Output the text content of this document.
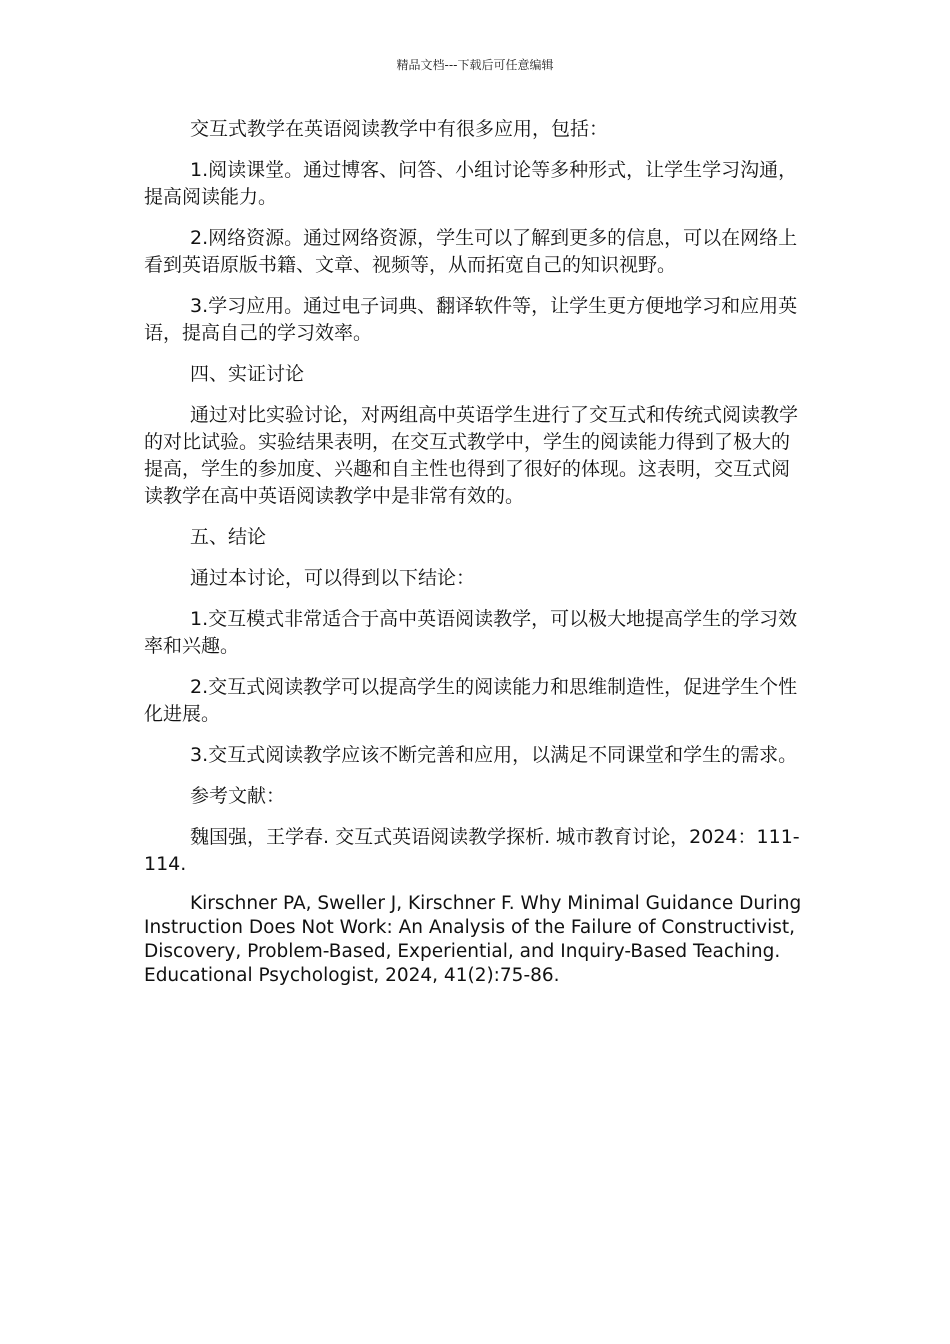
精品文档---下载后可任意编辑

交互式教学在英语阅读教学中有很多应用，包括：

1.阅读课堂。通过博客、问答、小组讨论等多种形式，让学生学习沟通，提高阅读能力。

2.网络资源。通过网络资源，学生可以了解到更多的信息，可以在网络上看到英语原版书籍、文章、视频等，从而拓宽自己的知识视野。

3.学习应用。通过电子词典、翻译软件等，让学生更方便地学习和应用英语，提高自己的学习效率。

四、实证讨论

通过对比实验讨论，对两组高中英语学生进行了交互式和传统式阅读教学的对比试验。实验结果表明，在交互式教学中，学生的阅读能力得到了极大的提高，学生的参加度、兴趣和自主性也得到了很好的体现。这表明，交互式阅读教学在高中英语阅读教学中是非常有效的。

五、结论

通过本讨论，可以得到以下结论：

1.交互模式非常适合于高中英语阅读教学，可以极大地提高学生的学习效率和兴趣。

2.交互式阅读教学可以提高学生的阅读能力和思维制造性，促进学生个性化进展。

3.交互式阅读教学应该不断完善和应用，以满足不同课堂和学生的需求。

参考文献：

魏国强，王学春. 交互式英语阅读教学探析. 城市教育讨论，2024：111-114.

Kirschner PA, Sweller J, Kirschner F. Why Minimal Guidance During Instruction Does Not Work: An Analysis of the Failure of Constructivist, Discovery, Problem-Based, Experiential, and Inquiry-Based Teaching. Educational Psychologist, 2024, 41(2):75-86.
